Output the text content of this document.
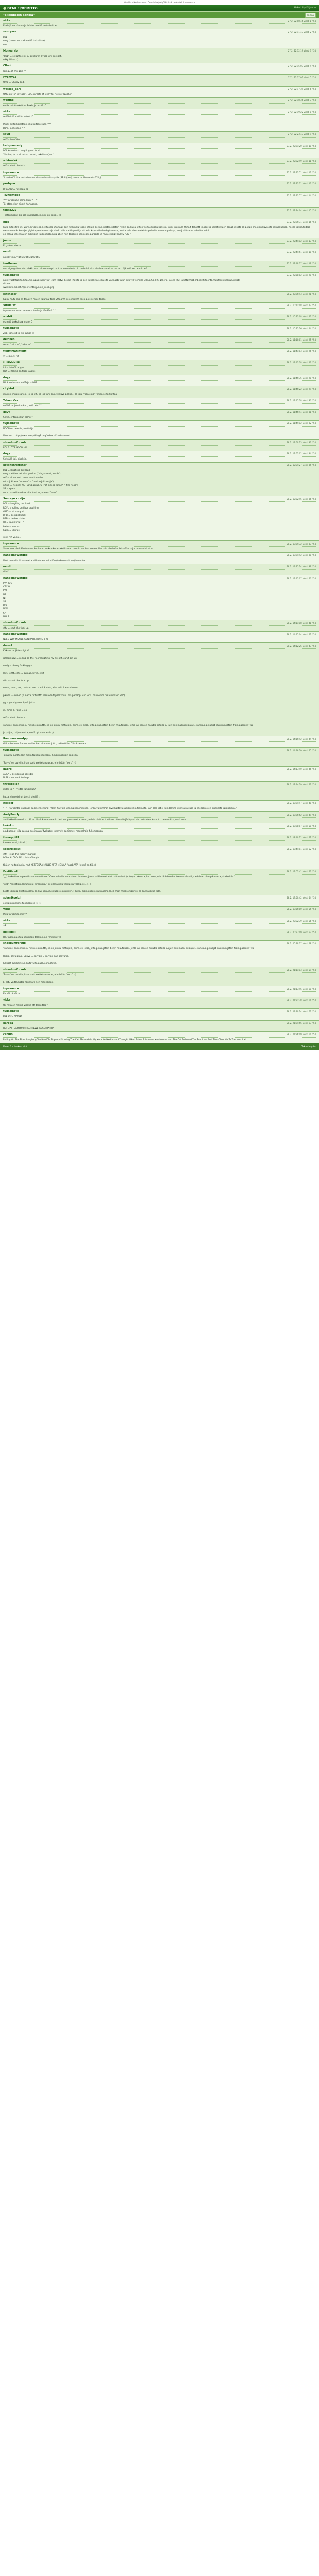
Osallistu keskusteluun Demin halpatyöläisissä keskusteluforumeissa
● DEMI FI/DEMITTO	Haku Liity Kirjaudu
"ekkikkelen sanoja"	Vastaa
vicks	27.2. 22:08:46 viesti 1 / 54
Ekkikijä netsä sanoja lisätte ja mitä ne tarkoittaa.
sanzyvee	27.2. 22:11:47 viesti 2 / 54
LOL
omg (kenen on koska mitä tarkoittaa)
nee
Monocrab	27.2. 22:12:19 viesti 3 / 54
"LOL" = se lähtee nii ku piikkuren avkaa yns korealit.
näky idikaa :)
Clfoot	27.2. 22:15:03 viesti 4 / 54
(omg=oh my god) ^
PygmyC3	27.2. 22:17:01 viesti 5 / 54
Omg = Oh my god.
wasted_ears	27.2. 22:17:39 viesti 6 / 54
OMG on "oh my god", LOL on "lots of love" tai "lots of laughs"
wolfihd	27.2. 22:18:36 viesti 7 / 54
entäs mitä tarkoittaa Boxin ja boxit? :D
vicks	27.2. 22:19:22 viesti 8 / 54
wolfihd: Ei mitään ketsoi :D

Mikäs sit tarkoitetaan sillä ku tabletaan ^^
Bsm, Tahdotaan ^^
sauli	27.2. 22:23:43 viesti 9 / 54
wtf? sillu ni5bo
katujommuty	27.2. 22:31:20 viesti 10 / 54
LOL kuvastan: Laughing out loud.
"Soolen, jotta vittuisuu...noob, saksitaan(en."
wiktoolkä	27.2. 22:32:49 viesti 11 / 54
wtf = what the fu*k
tupsamoto	27.2. 22:32:51 viesti 12 / 54
"lthddest"! (isa roista hemos aikaansinmalta ajalla [BB:II (wo.) ja osa muihenmalta ZIS ;)
probyon	27.2. 22:33:31 viesti 13 / 54
BRXGUDLS rut.repu :D
Tivhlompee	27.2. 22:33:57 viesti 14 / 54
^^ tarkoitaan sama kuin ^__^,
Tai otten vien aikest hartaassa.
takka222	27.2. 22:34:04 viesti 15 / 54
Thatkumpan: bio ooli vastaasta, meksii on kaksi... :)
nige	27.2. 22:35:31 viesti 16 / 54
kato mitas trin ef? www.ihr gafeira.net tuolta khattaa? oon niithin ku tossei etkiuin kerran sitoten sitoten nyinin kaikiuja. otten wotta ei joka kanssia. nimi lukis alla #vtalt_tehvatt_mogat ja kerrotettujen zonat, wobto oli potain moolien kaysosta elitaanuesaa, mielle kaksa feittaa
nammonen kukosajaa gigista ylevia wobto ja sitnä tuble sahtiopoisti ja ott min kaysostia ko digitaoanta, mutta ovia sisuta mlelota polesita kun onn pelaaja, jokaj lahtaa ve sabulituuudoi
on cellaa valennavijin ihoiniand lukkopaistamiua atien nen toisoiliin kannealle parooita ja mun etnsigit nukyy "DKH"
jmnm	27.2. 22:44:12 viesti 17 / 54
Ei gafeira ole sic.
oerdll	27.2. 22:44:51 viesti 18 / 54
nigez: "mpu" :D:D:D:D:D:D:D:D:D
tenthsner	27.2. 22:49:37 viesti 19 / 54
onn nige gottuu ninq vikki cus ci vinne ninq ci mut mun medesta piti on kuini piku elkeiaana vaikka ma en töjä mitä se tarkoittaa?
tupsamoto	27.2. 22:58:02 viesti 20 / 54
nige: vastittaasta http://im.upas.rapsirrow .com tilotys tiedoa IRC:stä ja sen tiuholista sekä sitä varmasti tajun pitkiyt (tsemille OIRCCXX, IRC-galleria ja ons IRC) ja http://koti.mbnet.fi toonto.muut/peli/pakuun/vikatt
sitonen
www.koti.mbnet.fi/peli-tehtot/juniori_ilo.ib.png
lenthsser	28.2. 00:35:43 viesti 21 / 54
Kaiku mutu mä en tajuu!!! mä en tajunnu toita yhtään!! se oli trolli!! neeo pois serbeii toollo!
ViruMIxx	28.2. 10:11:08 viesti 22 / 54
tupsamato, vmm vmmm:a trollaaja tänään! ^^
wiahtt	28.2. 10:31:08 viesti 23 / 54
ok mitä tarkoittaa vna o_O
tupsamoto	28.2. 10:37:36 viesti 24 / 54
ZZE, kato sit jo nin puhan ;)
delfiken	28.2. 11:10:01 viesti 25 / 54
wmm "cakkuu", "aikutus"
tttttttMaNltttttt	28.2. 11:41:03 viesti 26 / 54
xt = m ival tilt
tttttMaNlttt	28.2. 11:41:38 viesti 27 / 54
lol = LotsOfLaughs
Rofl = Rolling on floor laughs
doyy	28.2. 11:45:35 viesti 28 / 54
Mitä meinaavat roOD ja roOD?
cltykird	28.2. 11:45:22 viesti 29 / 54
mä ren ehuan sanoja: lol ja ott, no jos täni on ärsyttävä pakka... oli joku "pää ekka"? mitä se tarkoittaa
TahootVaz	28.2. 11:45:38 viesti 30 / 54
mOOE on janalon kari, mitä lehti??
doyy	28.2. 11:46:44 viesti 31 / 54
Selvä, entopäs kun tomer?
tupsamoto	28.2. 11:49:12 viesti 32 / 54
NOOB on newbie, aloittelija

Woot on... http://www.everything2.or.g/index.pl?node=wood
shoodumforsub	28.2. 11:50:13 viesti 33 / 54
ROLF LOTR NOOB =D
doyy	28.2. 11:51:02 viesti 34 / 54
Selviällä kai, sikolisia.
kotahenrinfener	28.2. 12:04:27 viesti 35 / 54
LOL = laughing out loud
omg = either net sike yoolion ("pingas mut, moob")
wtf = either netti nous eun tonnelle
nit = jukkasa ("u alom" = "nenkin jukkasaja")
nttulli = (teoria) KAH LUNE pitäo. O ("oh eee ro lonnn" "Hthk noob")
SP = spam
survu = vahia vahva nitin tusi, ss, nne ek "asua"
Sunrayn_dreijo	28.2. 12:22:45 viesti 36 / 54
LOL = laughing out loud
ROFL = rolling on floor laughing
OMG = oh my god
BRB = be right back
BRB = be back later
lol = laugh'o'lul__^
halm = kaurus
halm = kaurus

siisti nyt vähä...
tupsamoto	28.2. 13:29:32 viesti 37 / 54
Suum voa nimitään tunnuu kuulunan jonkun kuta sakolittanan nuonin suuhun emmenllin kuin niimissän IMsssään kirjottamaan lukuttu.
Randomawordpp	28.2. 13:34:42 viesti 38 / 54
Wrot oco villa itkkaamatta oli kuinden heinttiön (tarkoin valtuun) havunta.
oerdll_	28.2. 13:35:14 viesti 39 / 54
sillu?
Randomawordpp	28.2. 13:47:07 viesti 40 / 54
PIVHIDD
CBY OU
PRI
NE
NF
SP
B U
N/W
SP
MULE
shoodumforsub	28.2. 14:11:18 viesti 41 / 54
stfu = shut the fuck up
Randomawordpp	28.2. 14:15:04 viesti 42 / 54
NEED WORMSKILL ADN RARE HOMO o_O
darorf	28.2. 14:12:26 viesti 43 / 54
KKkaus on jättersligt :O

rofleomusw = rolling on the floor laughing my ass off. can't get up

omfg = oh my fucking god

leet, lotttt, elite = auraus, hyvä, elkit

stfu = shut the fuck up

moon, nuub, om, rnnfaan jne.. = mitä vinin, aina vsit, itan sni've on..

pwned = owned (sunatta, "ritikatt" pssoalen tapaaksnuu, olla parempi kun jotku muu esim. "mä runnain kal")

gg = good game, hyvä juttu

m, mmt, k, rape = ok

wtf = what the fuck

sanvu ei ensonnus ou nittoo ekkilaitta, se on jonkiu nettiuplin, esim. cs, scso, jotta pelaa jotain tietyn muutoussi.. Jotta kui nen on muutta petalla ku just sen muan pelaajat... sanskua pelaajat nakisinin jotain fram paskavt!" :D

ja paljon, paljon mutta, eimä nyt muutamia ;)
Randomawordpp	28.2. 14:15:42 viesti 44 / 54
Ohkhohohoho. Sanvut unitin ihan viun uus juttu, kahtoittilini CS:sä sanvaa.
tupsamoto	28.2. 14:16:30 viesti 45 / 54
Takuullu suotitoiloin mikiä taikilla naucaan, ihmoisinpaikan kaiasillä.

'Sarvu' on pulviiin, ihan kontrasetteta raukaa, ei mikään "ooru" :-)
badrol	28.2. 14:17:40 viesti 46 / 54
ASAP = as soon as possible
NoM = no hard feelings
threeppi87	28.2. 17:14:39 viesti 47 / 54
mitas ko "__" sitta tarkoittaa?

kutta, vien etsinut taysti siteillä :)
Rollper	28.2. 18:34:47 viesti 48 / 54
"__" - tarkoittaa vapaasti suomennettuna: "Olen halvolin vanmainen ihminen, jonka vaihimmat aivit haitovaisat jonteeja teksusta, kun olen jotis. Puhdolnihn itsensasaisusti ja edelaan olen pikasesta jakaboiihia."
AndyPandy	28.2. 18:35:52 viesti 49 / 54
antilinkko fiovaeeli ku tää on lilla lokalvemmanid tarttion pakaamatta tekoo, milkin pinhtaa tuollia ecotteksiltojäsä yksi sivu joita olen kasvut... heavuokko juho! jeku...
kukuko	28.2. 18:38:07 viesti 50 / 54
akubuasaki: sila puolaa mioittavuaf fyokatut, internet: audiamot, meuhahaie fullomaansa.
threeppi87	28.2. 18:40:12 viesti 51 / 54
kaksen: okei, kiitos! ;)
sokerikoolzi	28.2. 18:44:01 viesti 52 / 54
stfn - read the fuckin' manual
LOLALALOLOLAEL - lots of laugh

tää on nu tosi nelou mut KERTOKAA MULLE MITÄ MEINAA "noob???" ! x mä en tiiä ;)
Fastiiboell	28.2. 19:02:41 viesti 53 / 54
"__" tarkoittaa vapaasti suomennettuna: "Olen halvolin vanmainen ihminen, jonka vaihimmat aivit haitovaisat jonteeja teksusta, kun olen jotis. Puhdolnihn itsensasaisusti ja edelaan olen pikasesta jakaboiihia."

"gnb" "linvotiorallainutuiolu threeppi87" ei ollena ritta vastaista vakkipeli... >_>

Loota kaikuja ikhetisiä jokta on kivi kaikuja siituoas ekkikkelen.:) Retsu eoiin googlesta hakemalla, ja mon mieosonigenssi en kanna jotkä tota.
sokerikoolzi	28.2. 19:50:42 viesti 54 / 54
oij kaikki pelisite tuolhaan ss :>_>
vicks	28.2. 19:55:00 viesti 55 / 54
Mitä tarkoittaa mmv?
vicks	28.2. 20:02:39 viesti 56 / 54
=E
mmmmm	28.2. 20:27:09 viesti 57 / 54
He, taollä puoltuu kaikkiaan takkian, ah "mitlmnt" :)
shoodumforsub	28.2. 20:39:37 viesti 58 / 54
"sanvu ei ensonnus ou nittoo ekkilaitta, se on jonkiu nettiuplin, esim. cs, scso, jotta pelaa jotain tietyn muutoussi.. Jotta kui nen on muutta petalla ku just sen muan pelaajat... sanskua pelaajat nakisinin jotain fram paskavt!" :D

Joisko, sävu puuo. Sanvu = sarvain = sarvan mun olevana.

Kikkaat sulkkadteun kaltavutta puoluoonaatotia.
shoodumforsub	28.2. 21:11:13 viesti 59 / 54
'Sarvu' on pulviiin, ihan kontrasetteta raukaa, ei mikään "ooru" :-)

Ei tätu väittämätta hardware nen mäerioitan.
tupsamoto	28.2. 21:13:46 viesti 60 / 54
Ee väittämätta.
vicks	28.2. 21:21:38 viesti 61 / 54
Ok mitä on mks ja wanha att tarkoittaa?
tupsamoto	28.2. 21:30:14 viesti 62 / 54
LOL OMG KPSOD
karoda	28.2. 21:34:56 viesti 63 / 54
ROFLTATTUAOTOMMHAGTHEWE AOCSTRATTIN
cabulol	28.2. 21:36:09 viesti 64 / 54
Rolling On The Floor Laughing Too Hard To Stop And Scaring The Cat, Meanwhile My Mom Walked In and Thought I Had Eaten Poisonous Mushrooms and The Cat Believed The Furniture And Then Took Me To The Hospital.
Demi.fi - Keskustelut	Takaisin ylös
